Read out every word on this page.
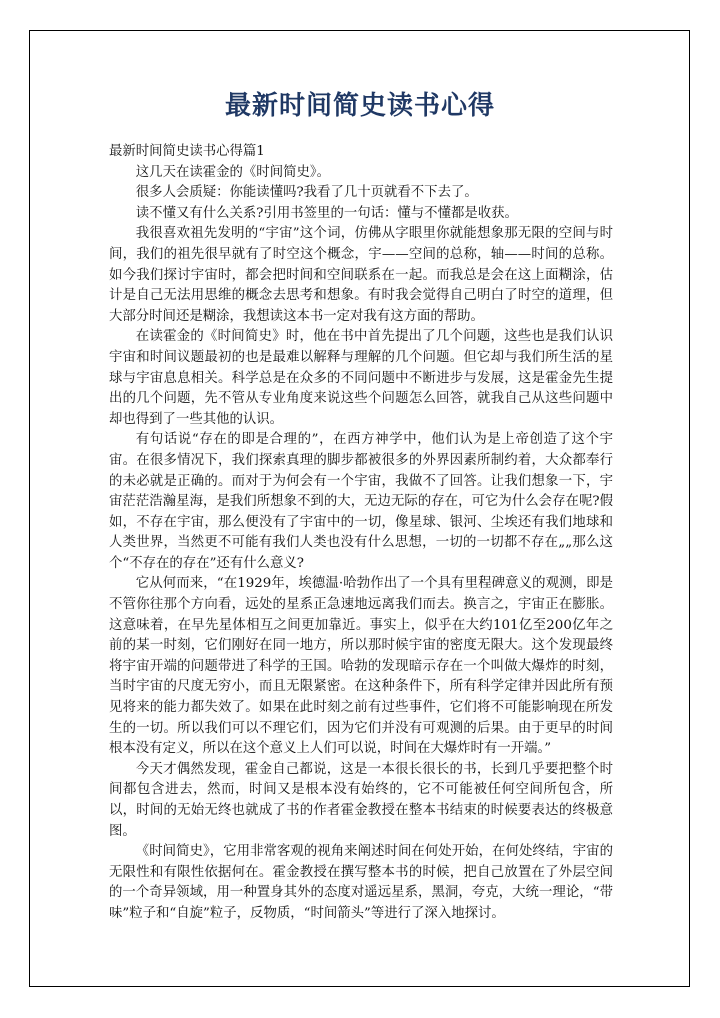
最新时间简史读书心得

最新时间简史读书心得篇1

这几天在读霍金的《时间简史》。

很多人会质疑：你能读懂吗?我看了几十页就看不下去了。

读不懂又有什么关系?引用书签里的一句话：懂与不懂都是收获。

我很喜欢祖先发明的“宇宙”这个词，仿佛从字眼里你就能想象那无限的空间与时间，我们的祖先很早就有了时空这个概念，宇——空间的总称，轴——时间的总称。如今我们探讨宇宙时，都会把时间和空间联系在一起。而我总是会在这上面糊涂，估计是自己无法用思维的概念去思考和想象。有时我会觉得自己明白了时空的道理，但大部分时间还是糊涂，我想读这本书一定对我有这方面的帮助。

在读霍金的《时间简史》时，他在书中首先提出了几个问题，这些也是我们认识宇宙和时间议题最初的也是最难以解释与理解的几个问题。但它却与我们所生活的星球与宇宙息息相关。科学总是在众多的不同问题中不断进步与发展，这是霍金先生提出的几个问题，先不管从专业角度来说这些个问题怎么回答，就我自己从这些问题中却也得到了一些其他的认识。

有句话说“存在的即是合理的”，在西方神学中，他们认为是上帝创造了这个宇宙。在很多情况下，我们探索真理的脚步都被很多的外界因素所制约着，大众都奉行的未必就是正确的。而对于为何会有一个宇宙，我做不了回答。让我们想象一下，宇宙茫茫浩瀚星海，是我们所想象不到的大，无边无际的存在，可它为什么会存在呢?假如，不存在宇宙，那么便没有了宇宙中的一切，像星球、银河、尘埃还有我们地球和人类世界，当然更不可能有我们人类也没有什么思想，一切的一切都不存在„„那么这个“不存在的存在”还有什么意义?

它从何而来，“在1929年，埃德温·哈勃作出了一个具有里程碑意义的观测，即是不管你往那个方向看，远处的星系正急速地远离我们而去。换言之，宇宙正在膨胀。这意味着，在早先星体相互之间更加靠近。事实上，似乎在大约101亿至200亿年之前的某一时刻，它们刚好在同一地方，所以那时候宇宙的密度无限大。这个发现最终将宇宙开端的问题带进了科学的王国。哈勃的发现暗示存在一个叫做大爆炸的时刻，当时宇宙的尺度无穷小，而且无限紧密。在这种条件下，所有科学定律并因此所有预见将来的能力都失效了。如果在此时刻之前有过些事件，它们将不可能影响现在所发生的一切。所以我们可以不理它们，因为它们并没有可观测的后果。由于更早的时间根本没有定义，所以在这个意义上人们可以说，时间在大爆炸时有一开端。”

今天才偶然发现，霍金自己都说，这是一本很长很长的书，长到几乎要把整个时间都包含进去，然而，时间又是根本没有始终的，它不可能被任何空间所包含，所以，时间的无始无终也就成了书的作者霍金教授在整本书结束的时候要表达的终极意图。

《时间简史》，它用非常客观的视角来阐述时间在何处开始，在何处终结，宇宙的无限性和有限性依据何在。霍金教授在撰写整本书的时候，把自己放置在了外层空间的一个奇异领域，用一种置身其外的态度对遥远星系，黑洞，夸克，大统一理论，“带味”粒子和“自旋”粒子，反物质，“时间箭头”等进行了深入地探讨。
